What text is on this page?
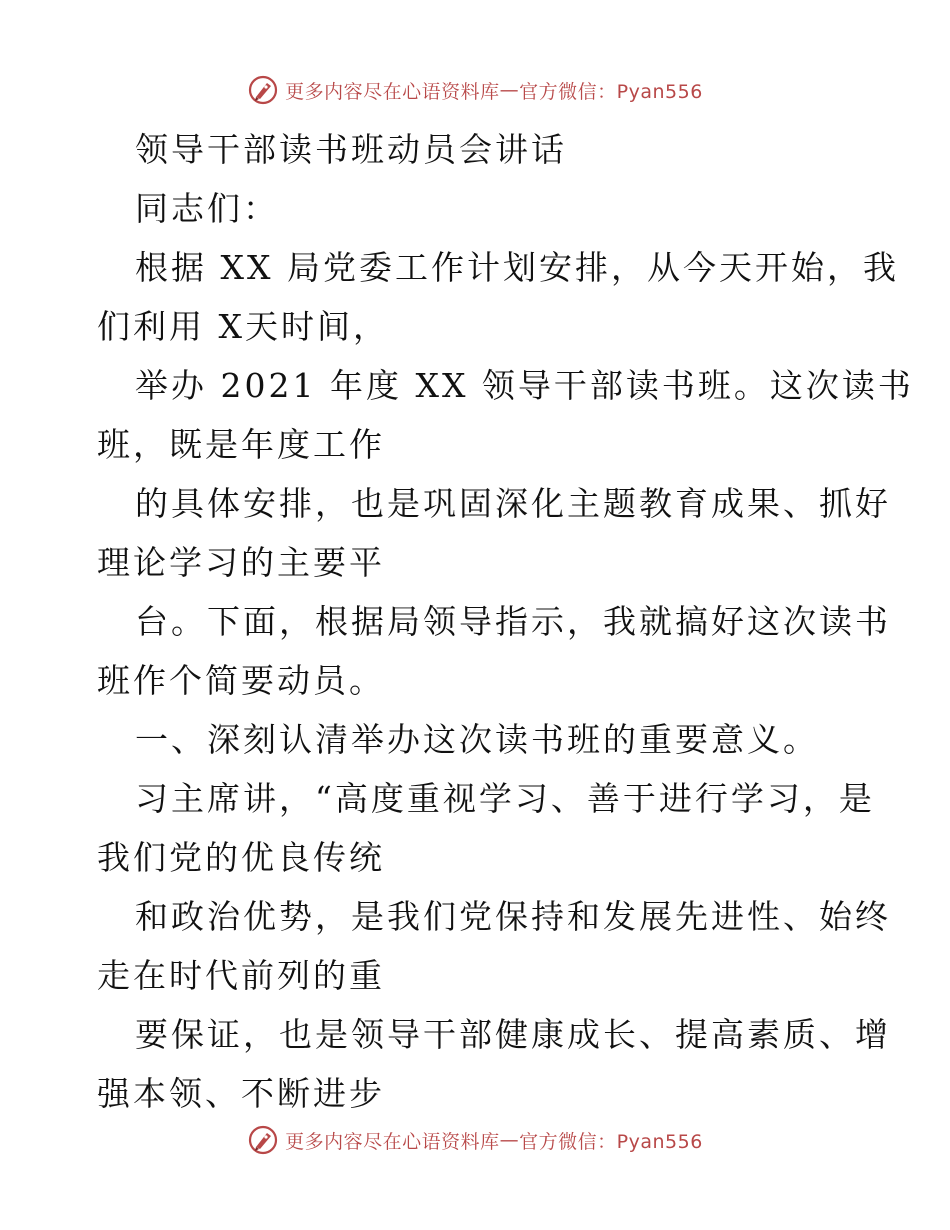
更多内容尽在心语资料库 — 官方微信：Pyan556
领导干部读书班动员会讲话
同志们：
根据 XX 局党委工作计划安排，从今天开始，我
们利用 X天时间，
举办 2021 年度 XX 领导干部读书班。这次读书
班，既是年度工作
的具体安排，也是巩固深化主题教育成果、抓好
理论学习的主要平
台。下面，根据局领导指示，我就搞好这次读书
班作个简要动员。
一、深刻认清举办这次读书班的重要意义。
习主席讲，“高度重视学习、善于进行学习，是
我们党的优良传统
和政治优势，是我们党保持和发展先进性、始终
走在时代前列的重
要保证，也是领导干部健康成长、提高素质、增
强本领、不断进步
更多内容尽在心语资料库 — 官方微信：Pyan556
